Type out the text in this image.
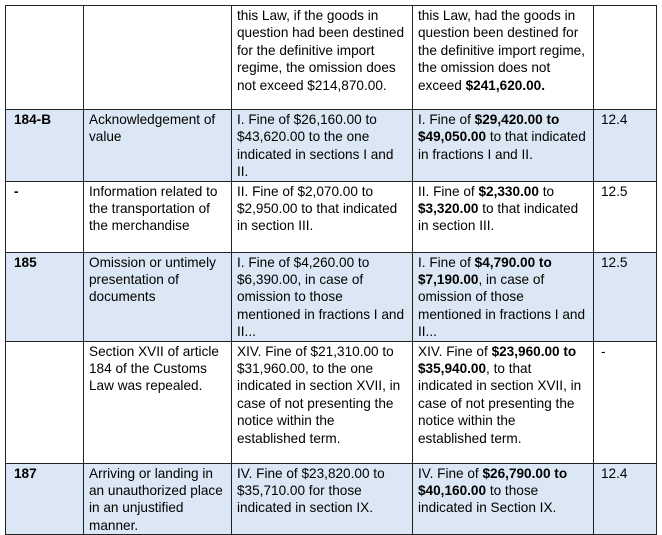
		this Law, if the goods in question had been destined for the definitive import regime, the omission does not exceed $214,870.00.	this Law, had the goods in question been destined for the definitive import regime, the omission does not exceed $241,620.00.	
184-B	Acknowledgement of value	I. Fine of $26,160.00 to $43,620.00 to the one indicated in sections I and II.	I. Fine of $29,420.00 to $49,050.00 to that indicated in fractions I and II.	12.4
-	Information related to the transportation of the merchandise	II. Fine of $2,070.00 to $2,950.00 to that indicated in section III.	II. Fine of $2,330.00 to $3,320.00 to that indicated in section III.	12.5
185	Omission or untimely presentation of documents	I. Fine of $4,260.00 to $6,390.00, in case of omission to those mentioned in fractions I and II...	I. Fine of $4,790.00 to $7,190.00, in case of omission of those mentioned in fractions I and II...	12.5
	Section XVII of article 184 of the Customs Law was repealed.	XIV. Fine of $21,310.00 to $31,960.00, to the one indicated in section XVII, in case of not presenting the notice within the established term.	XIV. Fine of $23,960.00 to $35,940.00, to that indicated in section XVII, in case of not presenting the notice within the established term.	-
187	Arriving or landing in an unauthorized place in an unjustified manner.	IV. Fine of $23,820.00 to $35,710.00 for those indicated in section IX.	IV. Fine of $26,790.00 to $40,160.00 to those indicated in Section IX.	12.4
